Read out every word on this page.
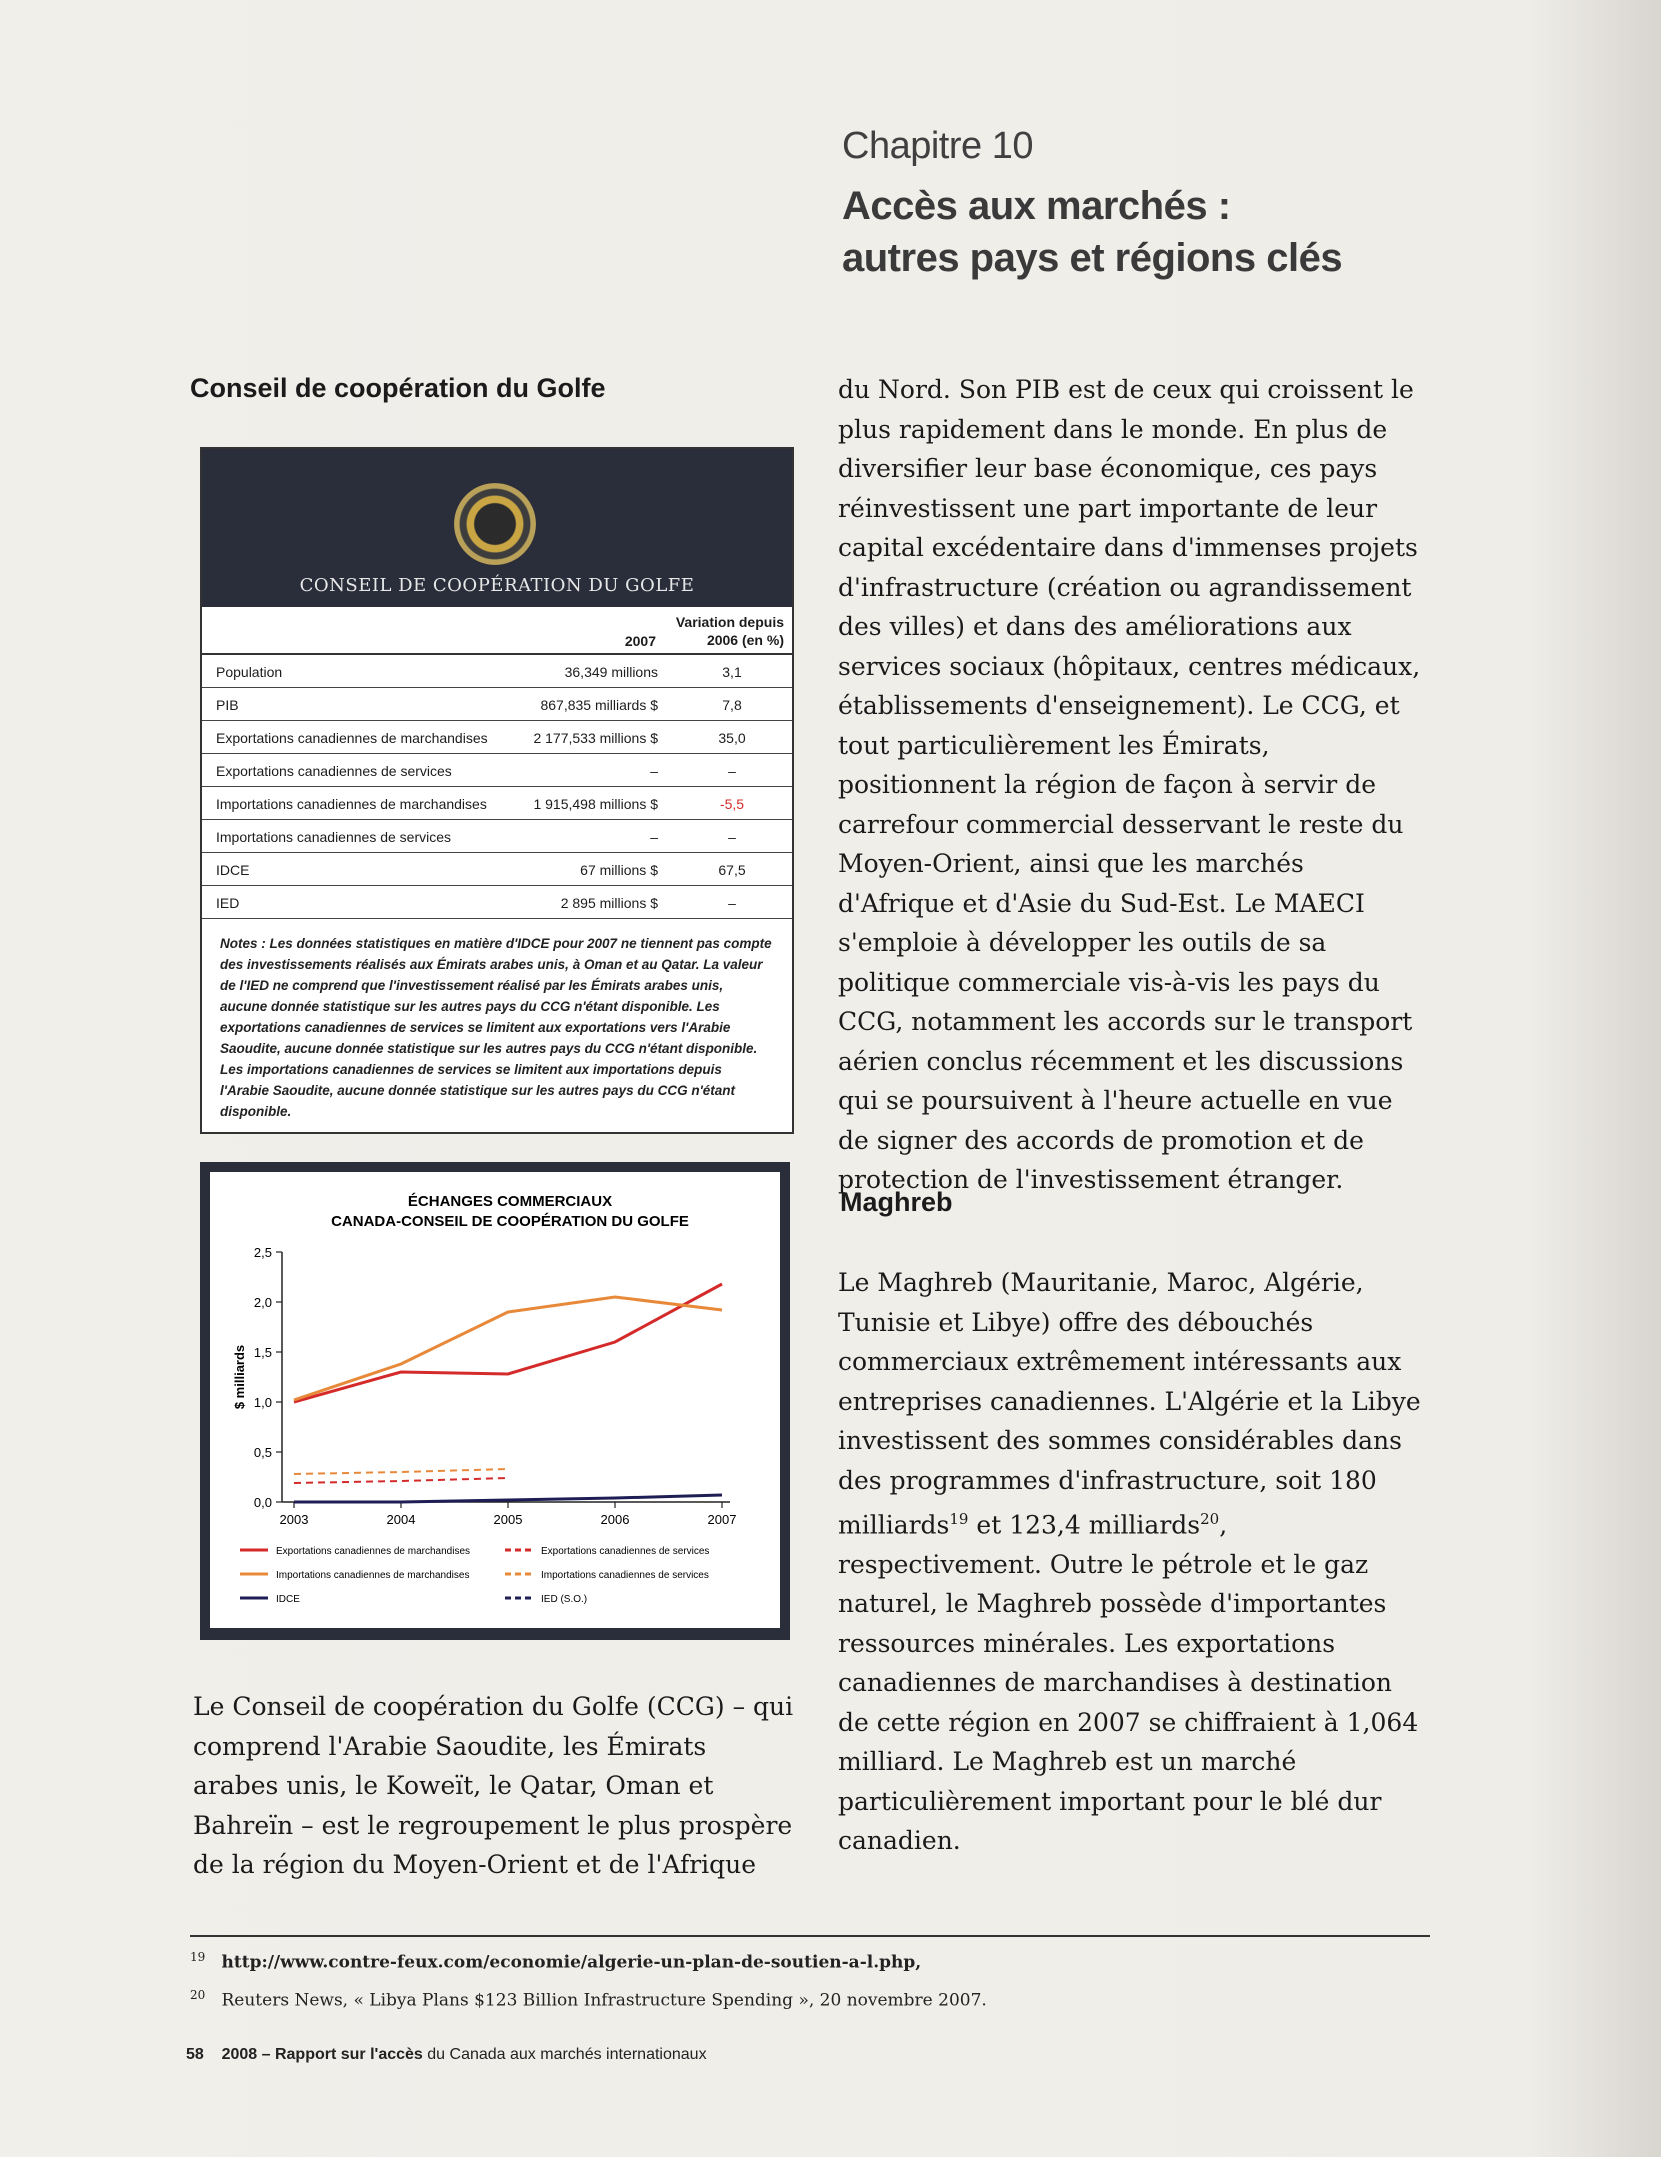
Chapitre 10
Accès aux marchés :
autres pays et régions clés
Conseil de coopération du Golfe
CONSEIL DE COOPÉRATION DU GOLFE
	2007	Variation depuis 2006 (en %)
Population	36,349 millions	3,1
PIB	867,835 milliards $	7,8
Exportations canadiennes de marchandises	2 177,533 millions $	35,0
Exportations canadiennes de services	–	–
Importations canadiennes de marchandises	1 915,498 millions $	-5,5
Importations canadiennes de services	–	–
IDCE	67 millions $	67,5
IED	2 895 millions $	–
Notes : Les données statistiques en matière d'IDCE pour 2007 ne tiennent pas compte des investissements réalisés aux Émirats arabes unis, à Oman et au Qatar. La valeur de l'IED ne comprend que l'investissement réalisé par les Émirats arabes unis, aucune donnée statistique sur les autres pays du CCG n'étant disponible. Les exportations canadiennes de services se limitent aux exportations vers l'Arabie Saoudite, aucune donnée statistique sur les autres pays du CCG n'étant disponible. Les importations canadiennes de services se limitent aux importations depuis l'Arabie Saoudite, aucune donnée statistique sur les autres pays du CCG n'étant disponible.
ÉCHANGES COMMERCIAUX
CANADA-CONSEIL DE COOPÉRATION DU GOLFE
0,0
0,5
1,0
1,5
2,0
2,5
2003	2004	2005	2006	2007
$ milliards
Exportations canadiennes de marchandises
Importations canadiennes de marchandises
IDCE
Exportations canadiennes de services
Importations canadiennes de services
IED (S.O.)
Le Conseil de coopération du Golfe (CCG) – qui comprend l'Arabie Saoudite, les Émirats arabes unis, le Koweït, le Qatar, Oman et Bahreïn – est le regroupement le plus prospère de la région du Moyen-Orient et de l'Afrique
du Nord. Son PIB est de ceux qui croissent le plus rapidement dans le monde. En plus de diversifier leur base économique, ces pays réinvestissent une part importante de leur capital excédentaire dans d'immenses projets d'infrastructure (création ou agrandissement des villes) et dans des améliorations aux services sociaux (hôpitaux, centres médicaux, établissements d'enseignement). Le CCG, et tout particulièrement les Émirats, positionnent la région de façon à servir de carrefour commercial desservant le reste du Moyen-Orient, ainsi que les marchés d'Afrique et d'Asie du Sud-Est. Le MAECI s'emploie à développer les outils de sa politique commerciale vis-à-vis les pays du CCG, notamment les accords sur le transport aérien conclus récemment et les discussions qui se poursuivent à l'heure actuelle en vue de signer des accords de promotion et de protection de l'investissement étranger.
Maghreb
Le Maghreb (Mauritanie, Maroc, Algérie, Tunisie et Libye) offre des débouchés commerciaux extrêmement intéressants aux entreprises canadiennes. L'Algérie et la Libye investissent des sommes considérables dans des programmes d'infrastructure, soit 180 milliards$^{19}$ et 123,4 milliards$^{20}$, respectivement. Outre le pétrole et le gaz naturel, le Maghreb possède d'importantes ressources minérales. Les exportations canadiennes de marchandises à destination de cette région en 2007 se chiffraient à 1,064 milliard. Le Maghreb est un marché particulièrement important pour le blé dur canadien.
$^{19}$ http://www.contre-feux.com/economie/algerie-un-plan-de-soutien-a-l.php,
$^{20}$ Reuters News, « Libya Plans $123 Billion Infrastructure Spending », 20 novembre 2007.
58 2008 – Rapport sur l'accès du Canada aux marchés internationaux
